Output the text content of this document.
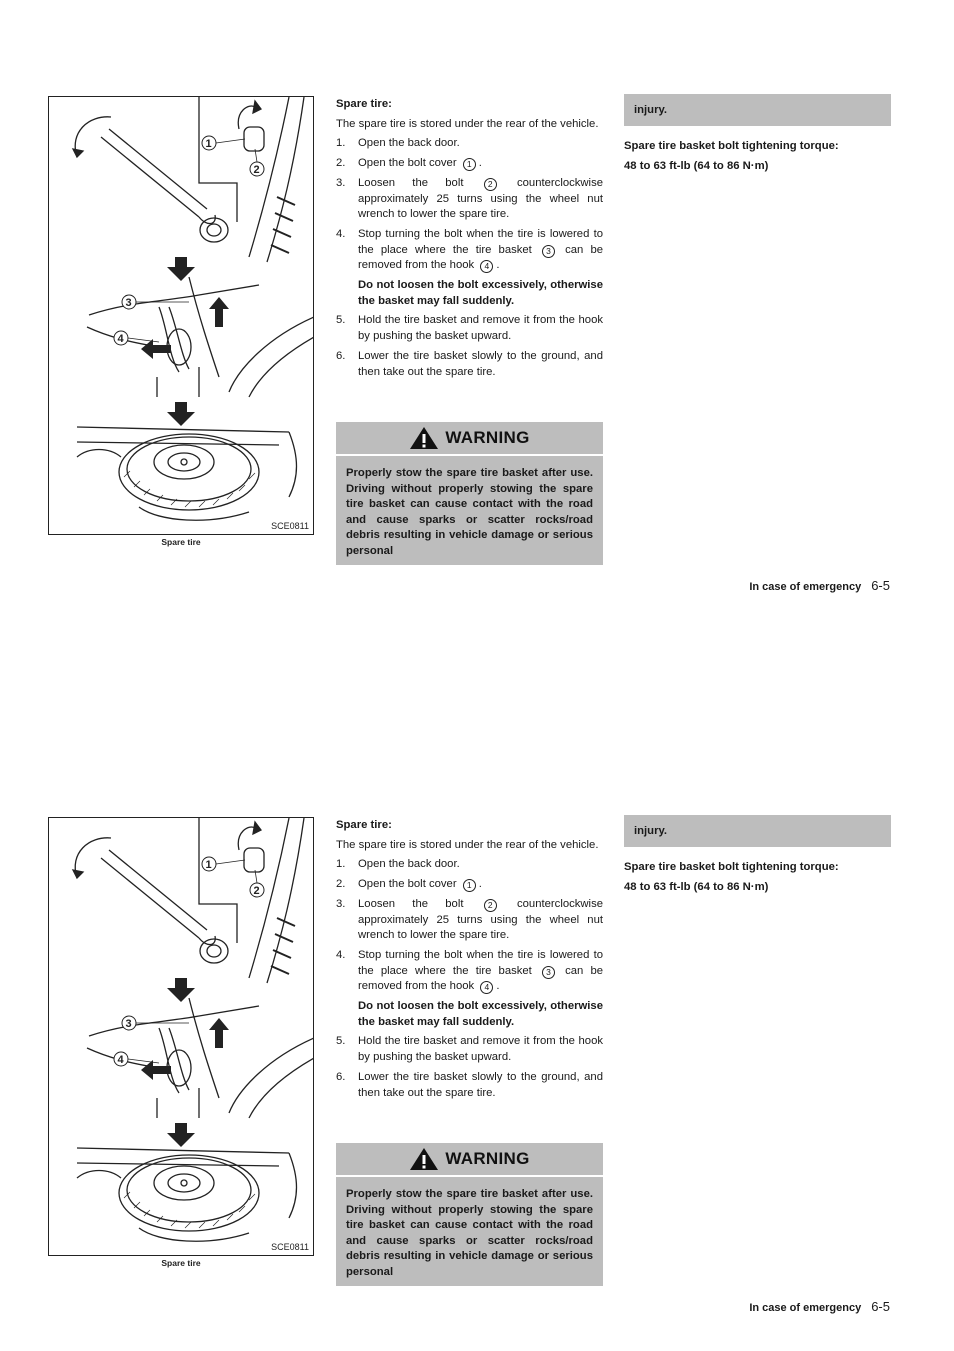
1
2
3
4
SCE0811
Spare tire
Spare tire:

The spare tire is stored under the rear of the vehicle.

1. Open the back door.
2. Open the bolt cover 1 .
3. Loosen the bolt	2 counterclockwise approximately 25 turns using the wheel nut wrench to lower the spare tire.
4. Stop turning the bolt when the tire is lowered to the place where the tire basket 3 can be removed from the hook 4 .
Do not loosen the bolt excessively, otherwise the basket may fall suddenly.
5. Hold the tire basket and remove it from the hook by pushing the basket upward.
6. Lower the tire basket slowly to the ground, and then take out the spare tire.
WARNING
Properly stow the spare tire basket after use. Driving without properly stowing the spare tire basket can cause contact with the road and cause sparks or scatter rocks/road debris resulting in vehicle damage or serious personal
injury.
Spare tire basket bolt tightening torque:
48 to 63 ft-lb (64 to 86 N·m)
In case of emergency 6-5
1
2
3
4
SCE0811
Spare tire
Spare tire:

The spare tire is stored under the rear of the vehicle.

1. Open the back door.
2. Open the bolt cover 1 .
3. Loosen the bolt	2 counterclockwise approximately 25 turns using the wheel nut wrench to lower the spare tire.
4. Stop turning the bolt when the tire is lowered to the place where the tire basket 3 can be removed from the hook 4 .
Do not loosen the bolt excessively, otherwise the basket may fall suddenly.
5. Hold the tire basket and remove it from the hook by pushing the basket upward.
6. Lower the tire basket slowly to the ground, and then take out the spare tire.
WARNING
Properly stow the spare tire basket after use. Driving without properly stowing the spare tire basket can cause contact with the road and cause sparks or scatter rocks/road debris resulting in vehicle damage or serious personal
injury.
Spare tire basket bolt tightening torque:
48 to 63 ft-lb (64 to 86 N·m)
In case of emergency 6-5
